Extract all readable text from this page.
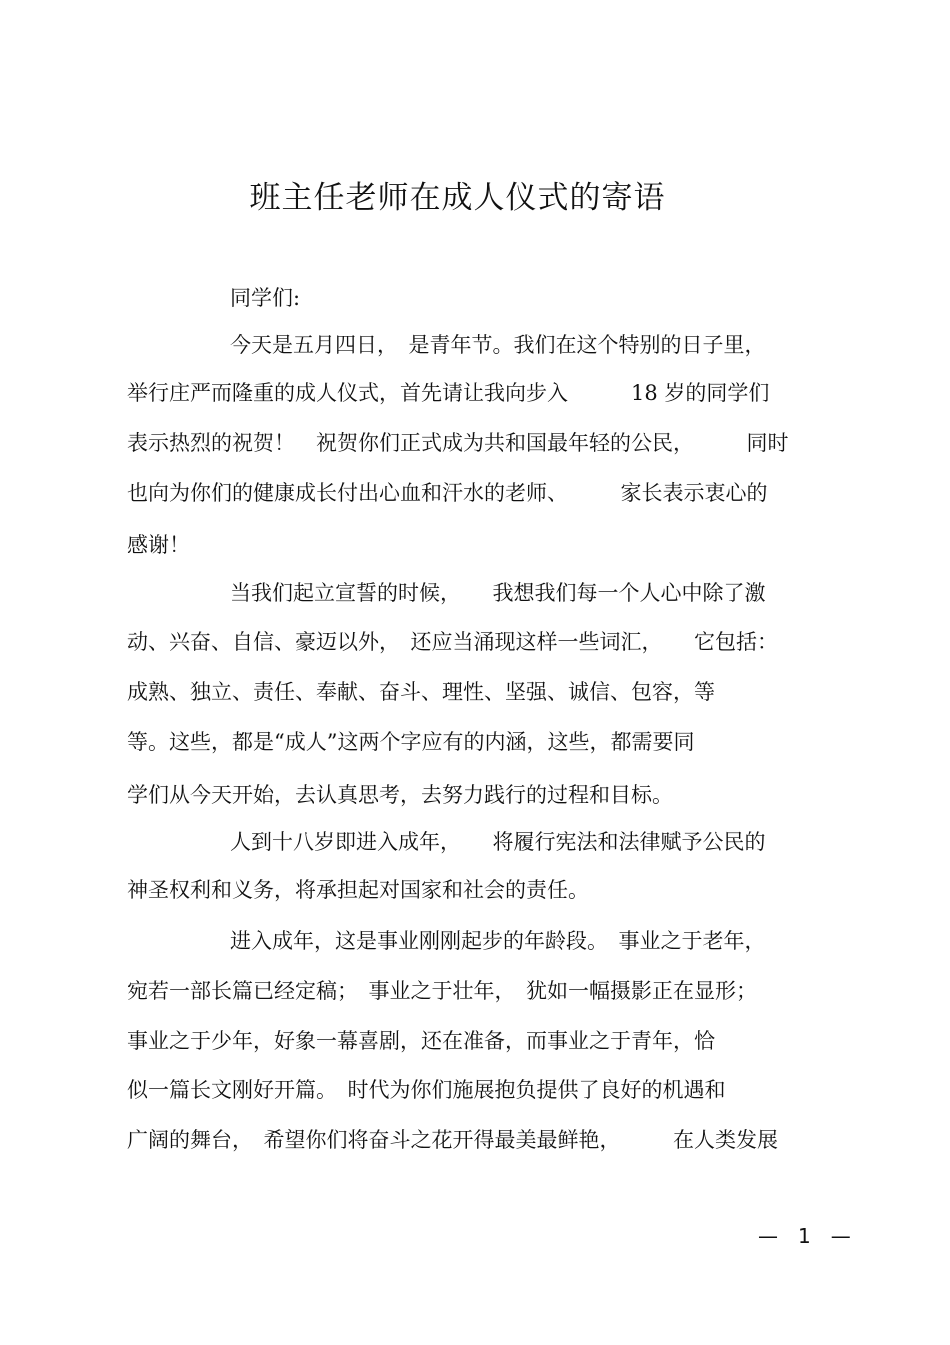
班主任老师在成人仪式的寄语
同学们:
今天是五月四日，　是青年节。我们在这个特别的日子里，
举行庄严而隆重的成人仪式，首先请让我向步入　　　18 岁的同学们
表示热烈的祝贺！　祝贺你们正式成为共和国最年轻的公民，　　　同时
也向为你们的健康成长付出心血和汗水的老师、　　　家长表示衷心的
感谢！
当我们起立宣誓的时候，　　我想我们每一个人心中除了激
动、兴奋、自信、豪迈以外，　还应当涌现这样一些词汇，　　它包括：
成熟、独立、责任、奉献、奋斗、理性、坚强、诚信、包容，等
等。这些，都是“成人”这两个字应有的内涵，这些，都需要同
学们从今天开始，去认真思考，去努力践行的过程和目标。
人到十八岁即进入成年，　　将履行宪法和法律赋予公民的
神圣权利和义务，将承担起对国家和社会的责任。
进入成年，这是事业刚刚起步的年龄段。　事业之于老年，
宛若一部长篇已经定稿；　事业之于壮年，　犹如一幅摄影正在显形；
事业之于少年，好象一幕喜剧，还在准备，而事业之于青年，恰
似一篇长文刚好开篇。　时代为你们施展抱负提供了良好的机遇和
广阔的舞台，　希望你们将奋斗之花开得最美最鲜艳，　　　在人类发展
—　1　—
